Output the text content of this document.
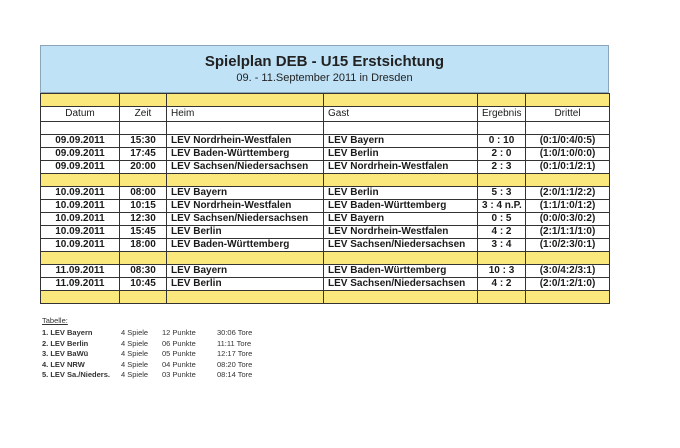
Spielplan DEB - U15 Erstsichtung
09. - 11.September 2011 in Dresden

Datum	Zeit	Heim	Gast	Ergebnis	Drittel

09.09.2011	15:30	LEV Nordrhein-Westfalen	LEV Bayern	0 : 10	(0:1/0:4/0:5)
09.09.2011	17:45	LEV Baden-Württemberg	LEV Berlin	2 : 0	(1:0/1:0/0:0)
09.09.2011	20:00	LEV Sachsen/Niedersachsen	LEV Nordrhein-Westfalen	2 : 3	(0:1/0:1/2:1)

10.09.2011	08:00	LEV Bayern	LEV Berlin	5 : 3	(2:0/1:1/2:2)
10.09.2011	10:15	LEV Nordrhein-Westfalen	LEV Baden-Württemberg	3 : 4 n.P.	(1:1/1:0/1:2)
10.09.2011	12:30	LEV Sachsen/Niedersachsen	LEV Bayern	0 : 5	(0:0/0:3/0:2)
10.09.2011	15:45	LEV Berlin	LEV Nordrhein-Westfalen	4 : 2	(2:1/1:1/1:0)
10.09.2011	18:00	LEV Baden-Württemberg	LEV Sachsen/Niedersachsen	3 : 4	(1:0/2:3/0:1)

11.09.2011	08:30	LEV Bayern	LEV Baden-Württemberg	10 : 3	(3:0/4:2/3:1)
11.09.2011	10:45	LEV Berlin	LEV Sachsen/Niedersachsen	4 : 2	(2:0/1:2/1:0)

Tabelle:
1. LEV Bayern	4 Spiele 12 Punkte	30:06 Tore
2. LEV Berlin	4 Spiele 06 Punkte	11:11 Tore
3. LEV BaWü	4 Spiele 05 Punkte	12:17 Tore
4. LEV NRW	4 Spiele 04 Punkte	08:20 Tore
5. LEV Sa./Nieders. 4 Spiele 03 Punkte	08:14 Tore
